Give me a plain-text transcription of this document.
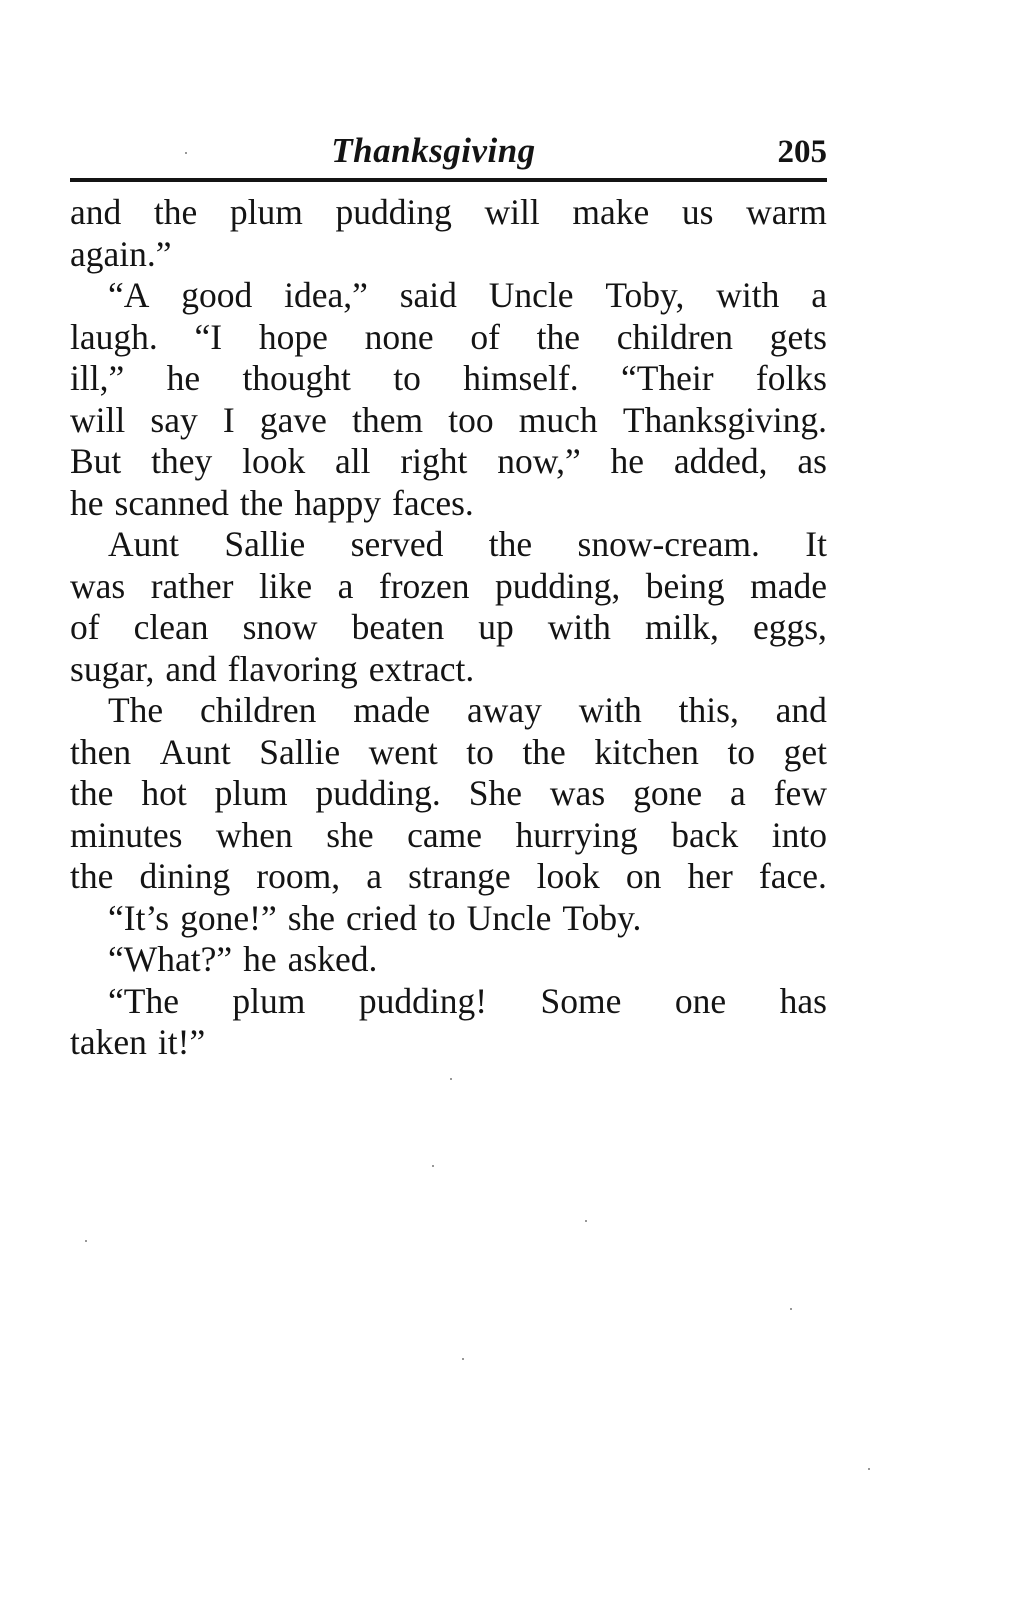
Thanksgiving	205
and the plum pudding will make us warm
again.”
“A good idea,” said Uncle Toby, with a
laugh. “I hope none of the children gets
ill,” he thought to himself. “Their folks
will say I gave them too much Thanksgiving.
But they look all right now,” he added, as
he scanned the happy faces.
Aunt Sallie served the snow-cream. It
was rather like a frozen pudding, being made
of clean snow beaten up with milk, eggs,
sugar, and flavoring extract.
The children made away with this, and
then Aunt Sallie went to the kitchen to get
the hot plum pudding. She was gone a few
minutes when she came hurrying back into
the dining room, a strange look on her face.
“It’s gone!” she cried to Uncle Toby.
“What?” he asked.
“The plum pudding! Some one has
taken it!”
